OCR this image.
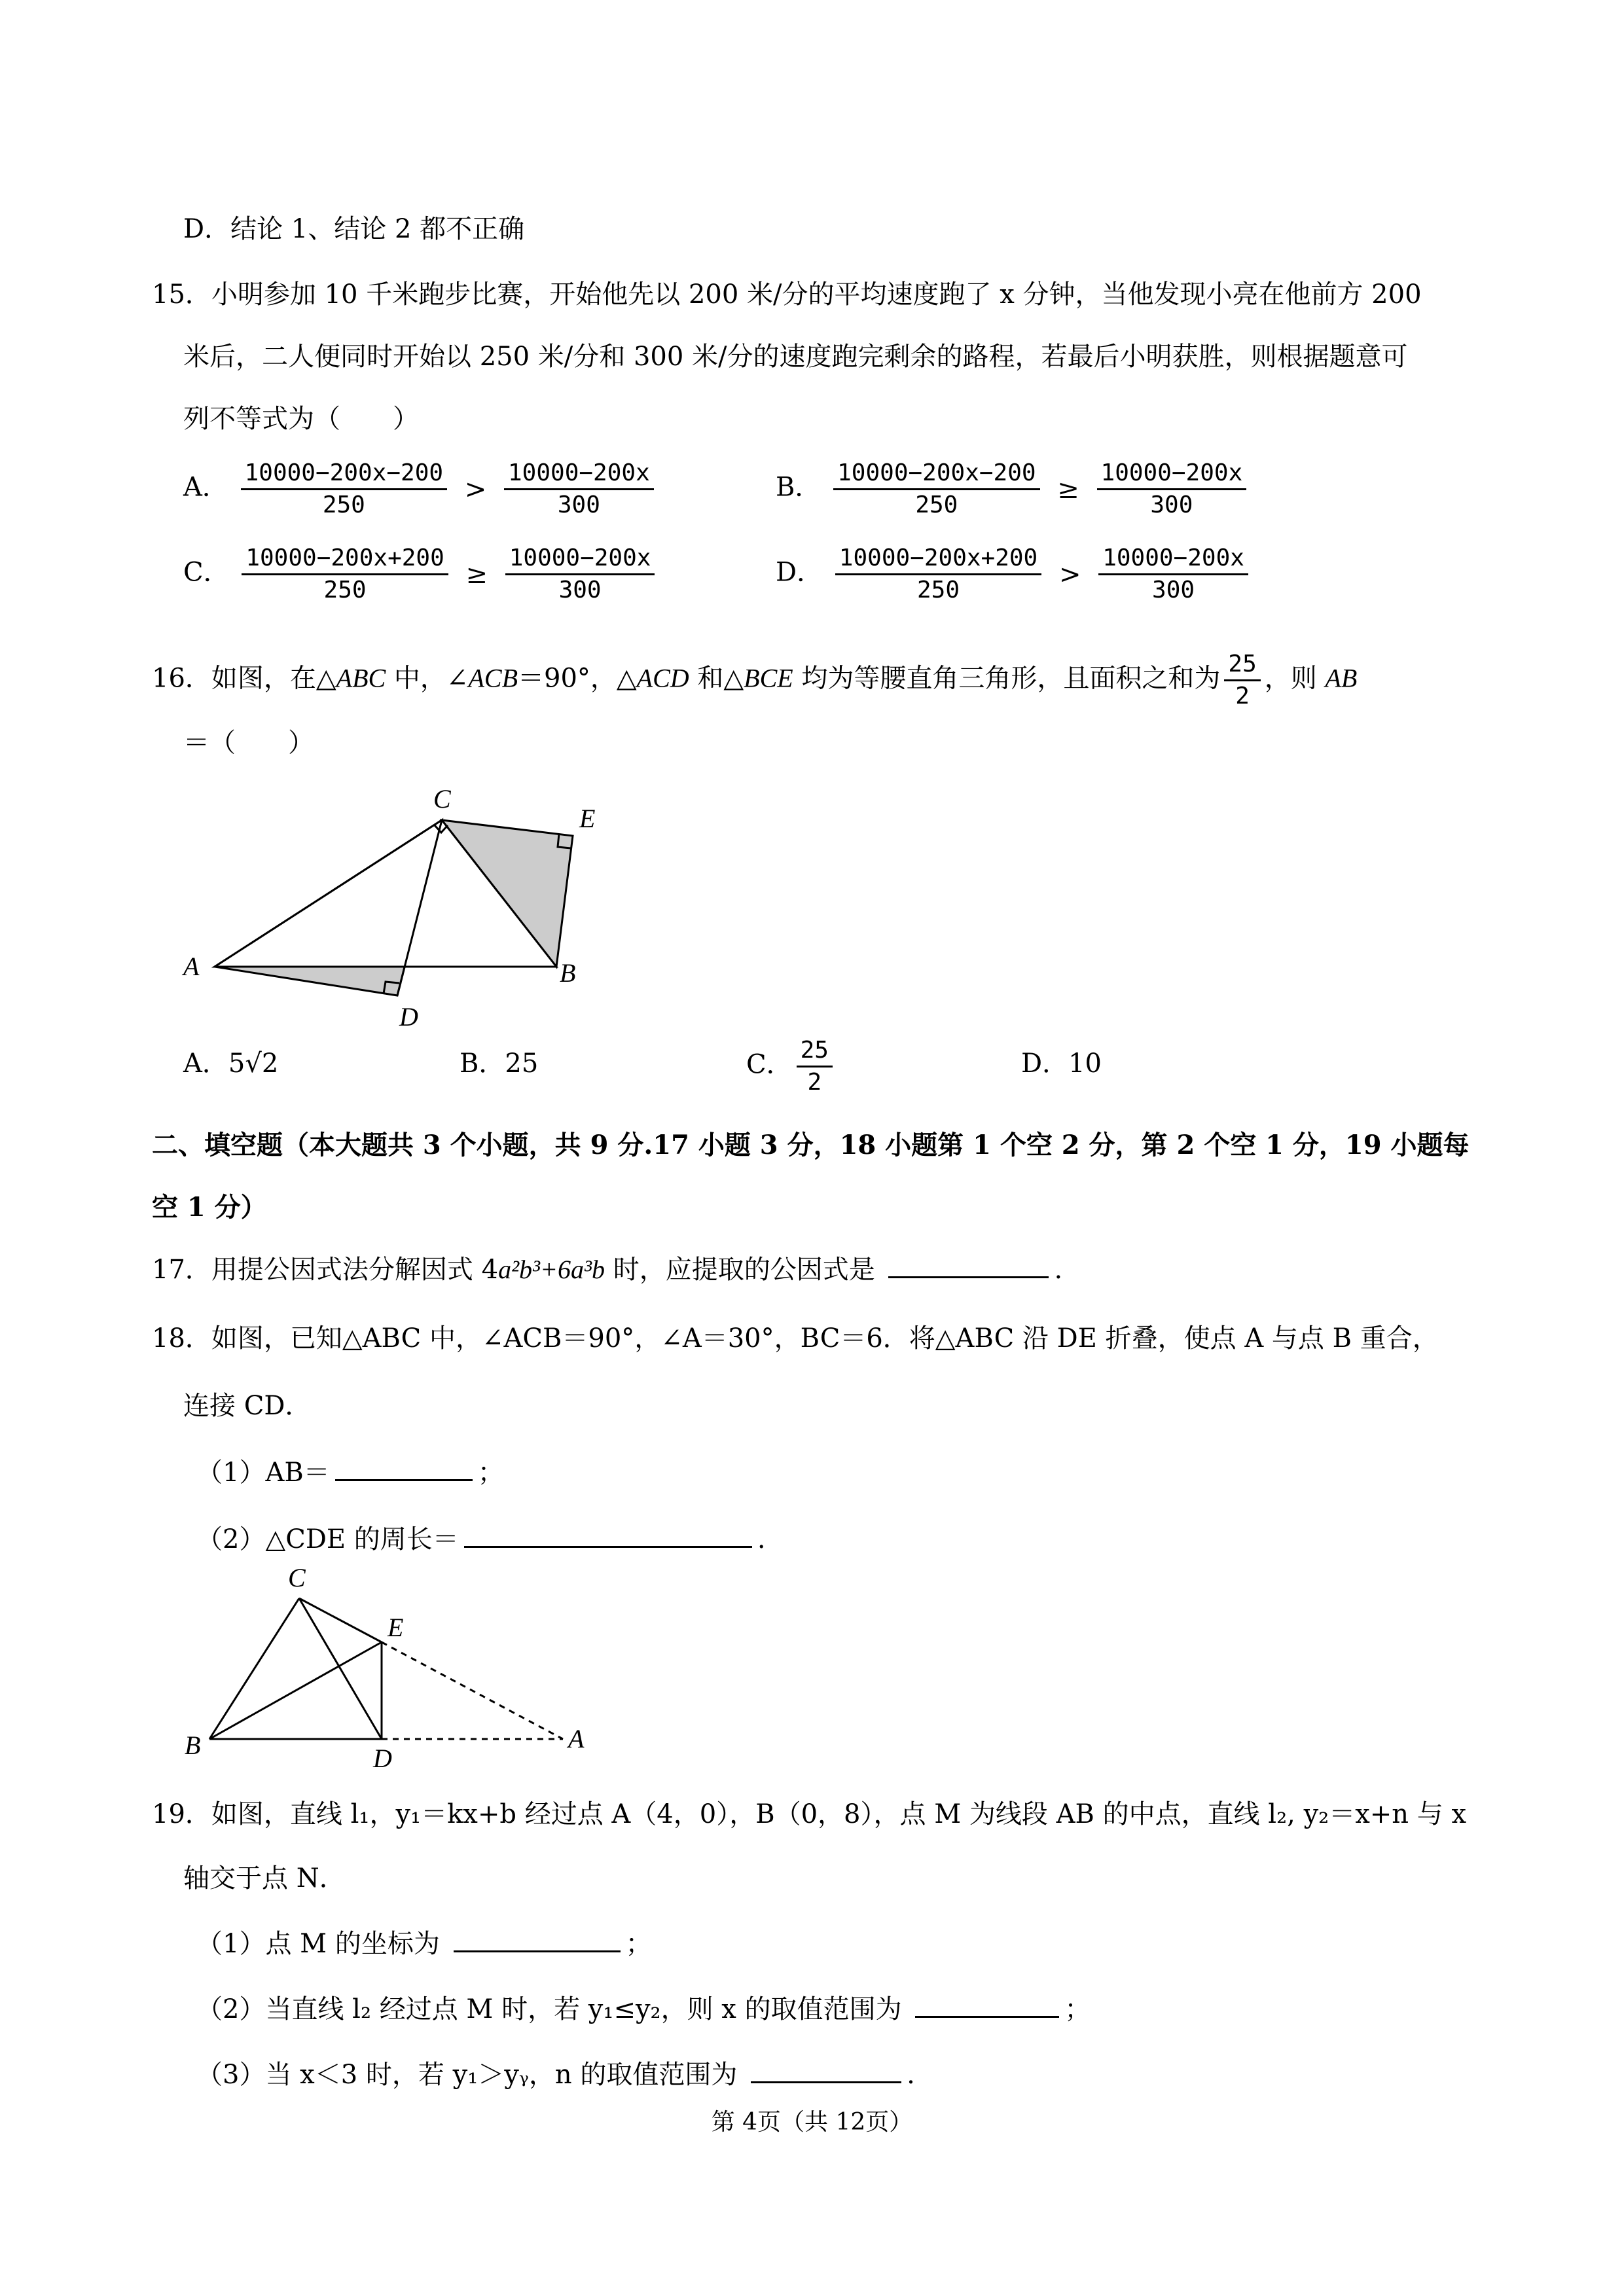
D．结论 1、结论 2 都不正确
15．小明参加 10 千米跑步比赛，开始他先以 200 米/分的平均速度跑了 x 分钟，当他发现小亮在他前方 200
米后，二人便同时开始以 250 米/分和 300 米/分的速度跑完剩余的路程，若最后小明获胜，则根据题意可
列不等式为（　　）
A． $\frac{10000-200x-200}{250} > \frac{10000-200x}{300}$	B． $\frac{10000-200x-200}{250} \ge \frac{10000-200x}{300}$
C． $\frac{10000-200x+200}{250} \ge \frac{10000-200x}{300}$	D． $\frac{10000-200x+200}{250} > \frac{10000-200x}{300}$
16．如图，在△ABC 中，∠ACB＝90°，△ACD 和△BCE 均为等腰直角三角形，且面积之和为 $\frac{25}{2}$ ，则 AB
＝（　　）
C
E
A	B
D
A．5√2	B．25	C． $\frac{25}{2}$	D．10
二、填空题（本大题共 3 个小题，共 9 分.17 小题 3 分，18 小题第 1 个空 2 分，第 2 个空 1 分，19 小题每
空 1 分）
17．用提公因式法分解因式 4a²b³+6a³b 时，应提取的公因式是	.
18．如图，已知△ABC 中，∠ACB＝90°，∠A＝30°，BC＝6．将△ABC 沿 DE 折叠，使点 A 与点 B 重合，
连接 CD．
（1）AB＝	；
（2）△CDE 的周长＝	.
C
E
B	D
A
19．如图，直线 l₁，y₁＝kx+b 经过点 A（4，0），B（0，8），点 M 为线段 AB 的中点，直线 l₂, y₂＝x+n 与 x
轴交于点 N．
（1）点 M 的坐标为	；
（2）当直线 l₂ 经过点 M 时，若 y₁≤y₂，则 x 的取值范围为	；
（3）当 x＜3 时，若 y₁＞yᵧ，n 的取值范围为	.
第 4页（共 12页）
